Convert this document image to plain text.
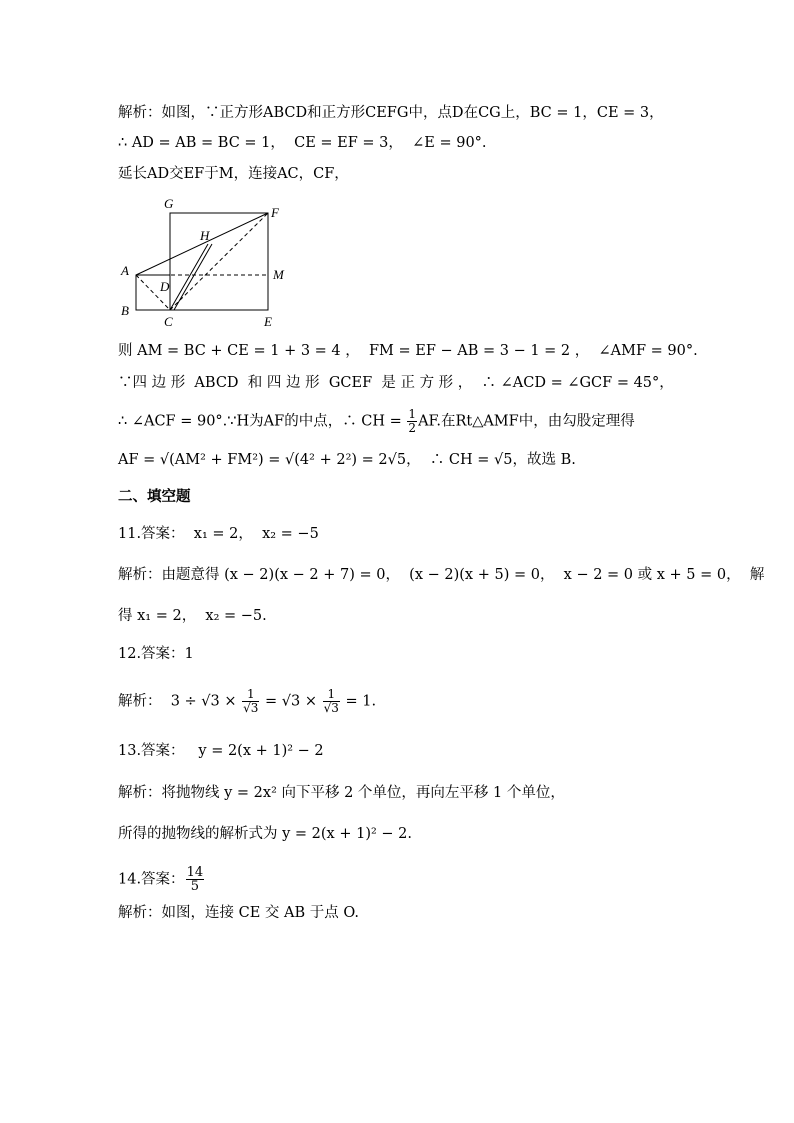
解析：如图，∵正方形ABCD和正方形CEFG中，点D在CG上，BC = 1，CE = 3，
∴ AD = AB = BC = 1，  CE = EF = 3，  ∠E = 90°.
延长AD交EF于M，连接AC，CF，
G
F
H
A
D
M
B
C	E
则 AM = BC + CE = 1 + 3 = 4 ，  FM = EF − AB = 3 − 1 = 2 ，  ∠AMF = 90°.
∵四 边 形  ABCD  和 四 边 形  GCEF  是 正 方 形 ，  ∴ ∠ACD = ∠GCF = 45°，
∴ ∠ACF = 90°.∵H为AF的中点，∴ CH = $\frac{1}{2}$ AF.在Rt△AMF中，由勾股定理得
AF = √(AM² + FM²) = √(4² + 2²) = 2√5，  ∴ CH = √5，故选 B.
二、填空题
11.答案：  x₁ = 2，  x₂ = −5
解析：由题意得 (x − 2)(x − 2 + 7) = 0，  (x − 2)(x + 5) = 0，  x − 2 = 0 或 x + 5 = 0，  解
得 x₁ = 2，  x₂ = −5.
12.答案：1
解析：  $3 \div √3 \times \frac{1}{√3} = √3 \times \frac{1}{√3} = 1$.
13.答案：   y = 2(x + 1)² − 2
解析：将抛物线 y = 2x² 向下平移 2 个单位，再向左平移 1 个单位，
所得的抛物线的解析式为 y = 2(x + 1)² − 2.
14.答案： $\frac{14}{5}$
解析：如图，连接 CE 交 AB 于点 O.
